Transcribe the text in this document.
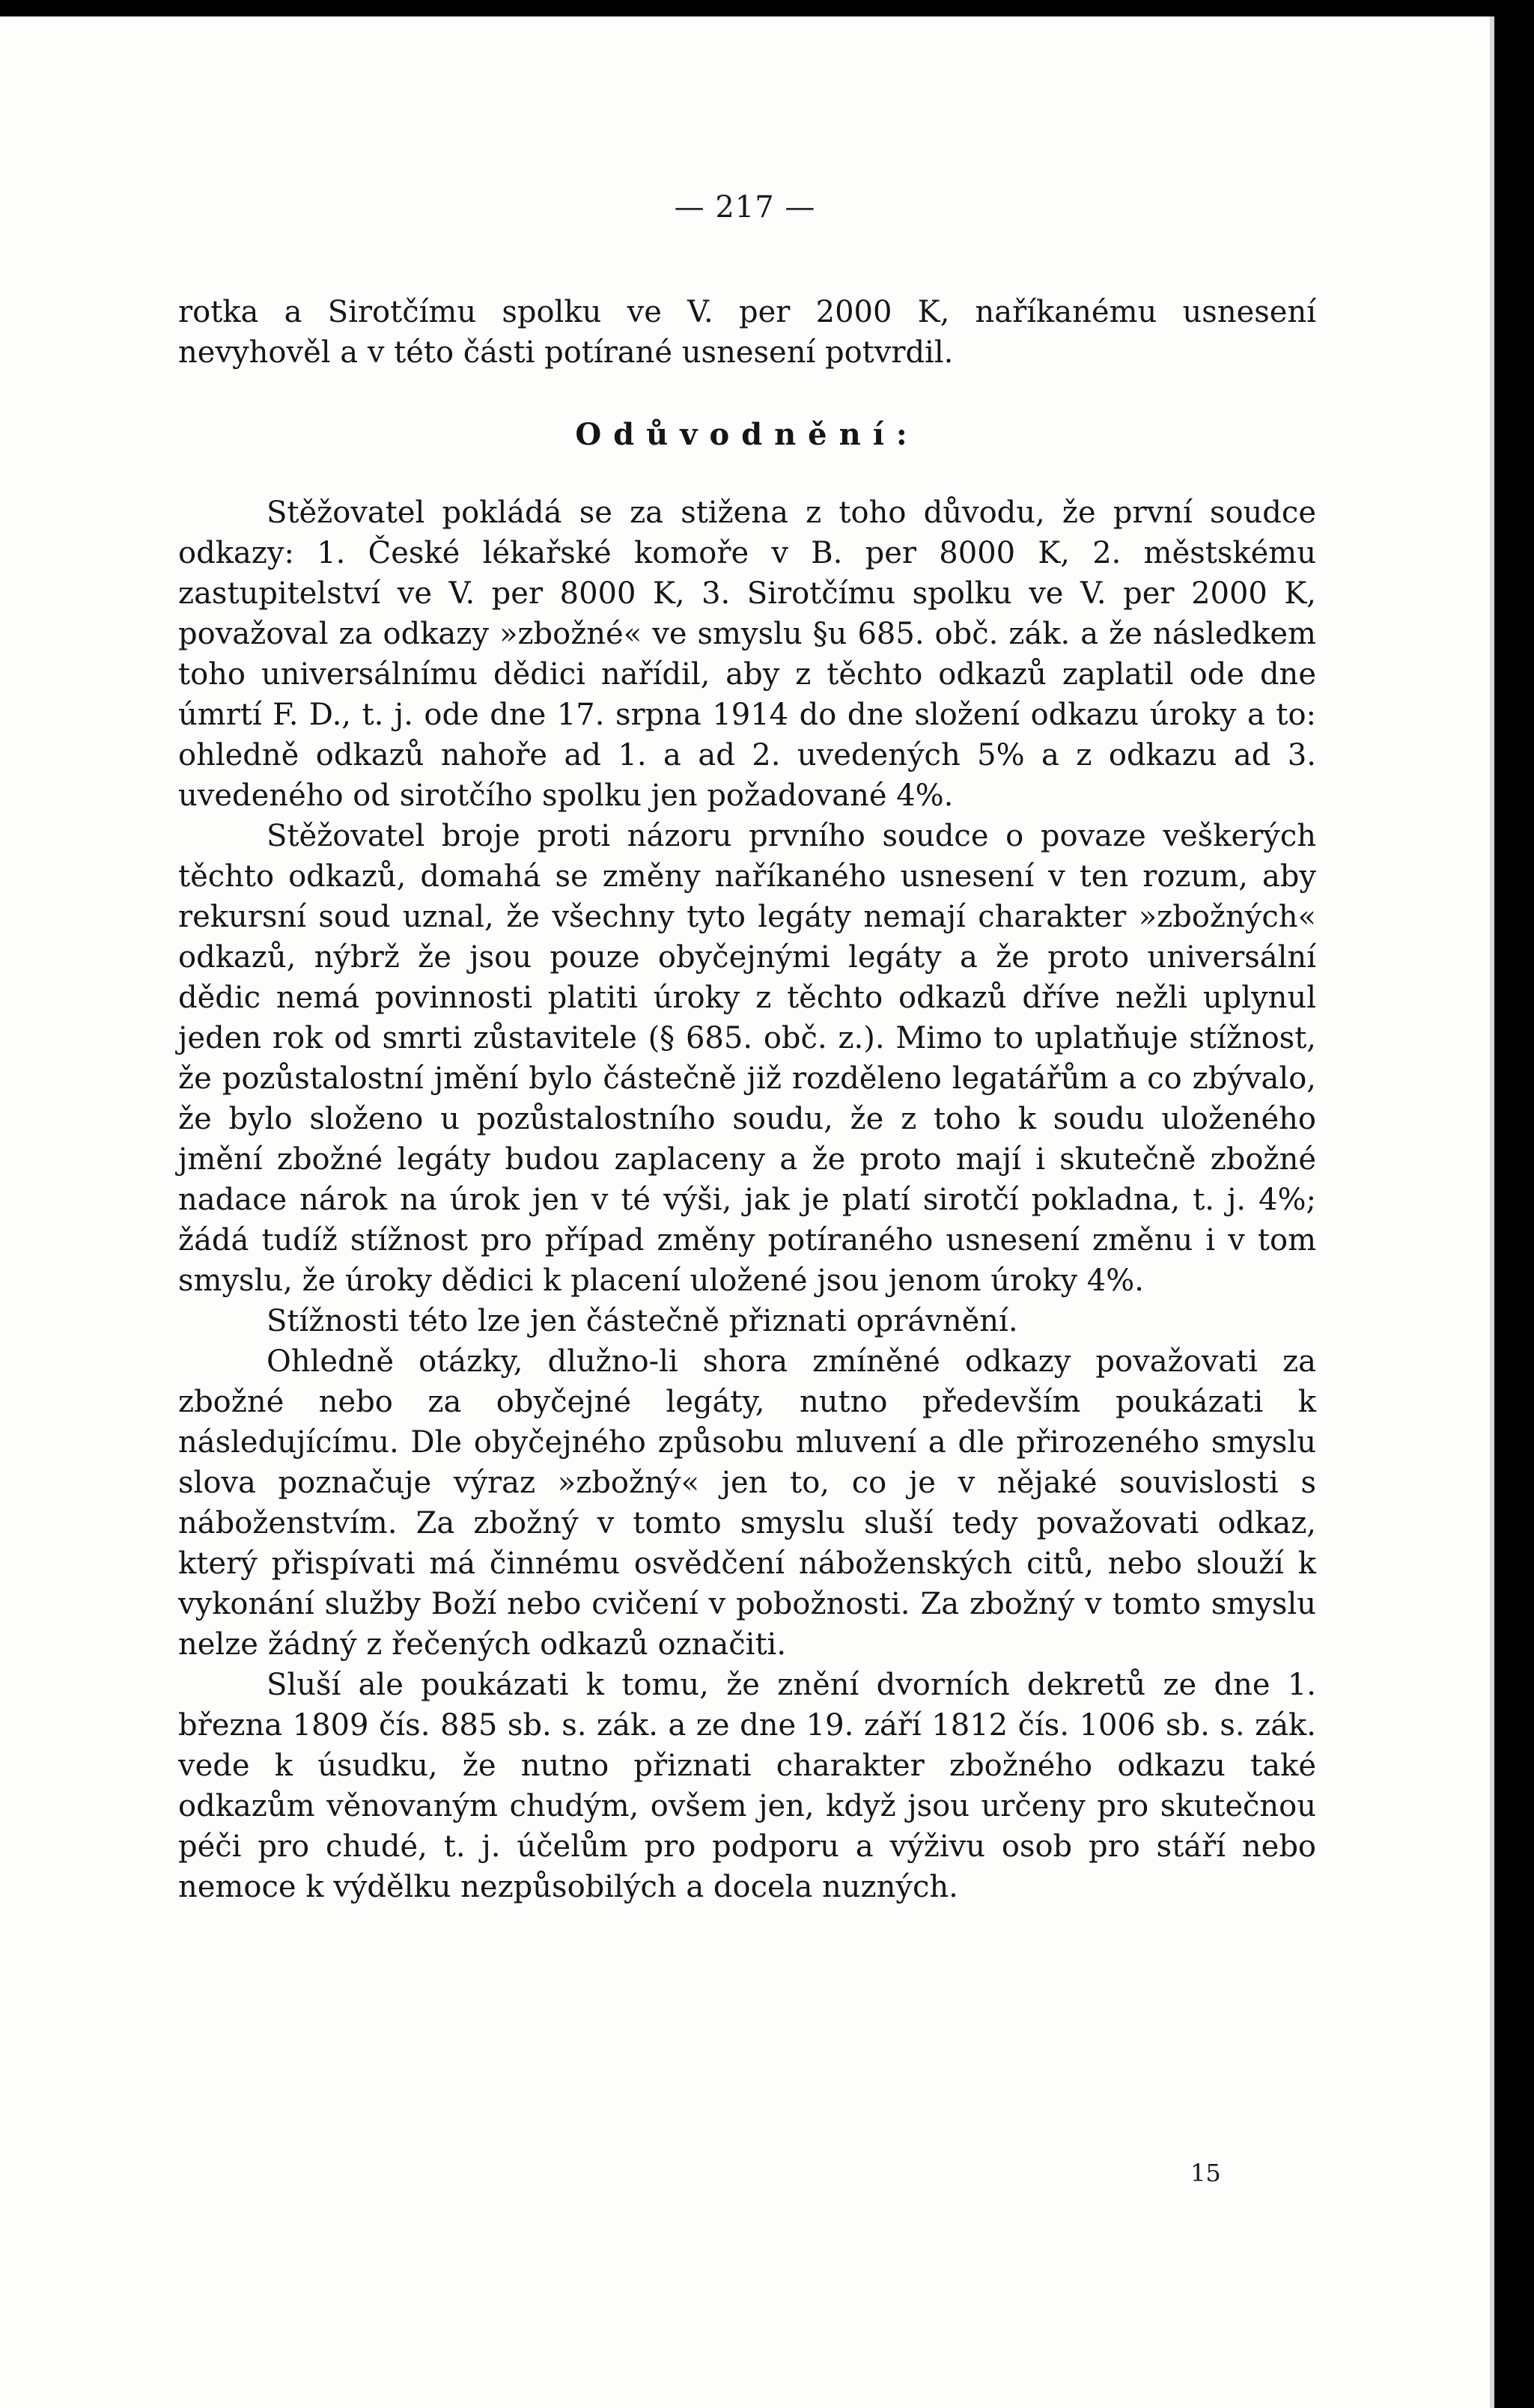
— 217 —

rotka a Sirotčímu spolku ve V. per 2000 K, naříkanému usnesení nevyhověl a v této části potírané usnesení potvrdil.

Odůvodnění:

Stěžovatel pokládá se za stižena z toho důvodu, že první soudce odkazy: 1. České lékařské komoře v B. per 8000 K, 2. městskému zastupitelství ve V. per 8000 K, 3. Sirotčímu spolku ve V. per 2000 K, považoval za odkazy »zbožné« ve smyslu §u 685. obč. zák. a že následkem toho universálnímu dědici nařídil, aby z těchto odkazů zaplatil ode dne úmrtí F. D., t. j. ode dne 17. srpna 1914 do dne složení odkazu úroky a to: ohledně odkazů nahoře ad 1. a ad 2. uvedených 5% a z odkazu ad 3. uvedeného od sirotčího spolku jen požadované 4%.

Stěžovatel broje proti názoru prvního soudce o povaze veškerých těchto odkazů, domahá se změny naříkaného usnesení v ten rozum, aby rekursní soud uznal, že všechny tyto legáty nemají charakter »zbožných« odkazů, nýbrž že jsou pouze obyčejnými legáty a že proto universální dědic nemá povinnosti platiti úroky z těchto odkazů dříve nežli uplynul jeden rok od smrti zůstavitele (§ 685. obč. z.). Mimo to uplatňuje stížnost, že pozůstalostní jmění bylo částečně již rozděleno legatářům a co zbývalo, že bylo složeno u pozůstalostního soudu, že z toho k soudu uloženého jmění zbožné legáty budou zaplaceny a že proto mají i skutečně zbožné nadace nárok na úrok jen v té výši, jak je platí sirotčí pokladna, t. j. 4%; žádá tudíž stížnost pro případ změny potíraného usnesení změnu i v tom smyslu, že úroky dědici k placení uložené jsou jenom úroky 4%.

Stížnosti této lze jen částečně přiznati oprávnění.

Ohledně otázky, dlužno-li shora zmíněné odkazy považovati za zbožné nebo za obyčejné legáty, nutno především poukázati k následujícímu. Dle obyčejného způsobu mluvení a dle přirozeného smyslu slova poznačuje výraz »zbožný« jen to, co je v nějaké souvislosti s náboženstvím. Za zbožný v tomto smyslu sluší tedy považovati odkaz, který přispívati má činnému osvědčení náboženských citů, nebo slouží k vykonání služby Boží nebo cvičení v pobožnosti. Za zbožný v tomto smyslu nelze žádný z řečených odkazů označiti.

Sluší ale poukázati k tomu, že znění dvorních dekretů ze dne 1. března 1809 čís. 885 sb. s. zák. a ze dne 19. září 1812 čís. 1006 sb. s. zák. vede k úsudku, že nutno přiznati charakter zbožného odkazu také odkazům věnovaným chudým, ovšem jen, když jsou určeny pro skutečnou péči pro chudé, t. j. účelům pro podporu a výživu osob pro stáří nebo nemoce k výdělku nezpůsobilých a docela nuzných.

15
